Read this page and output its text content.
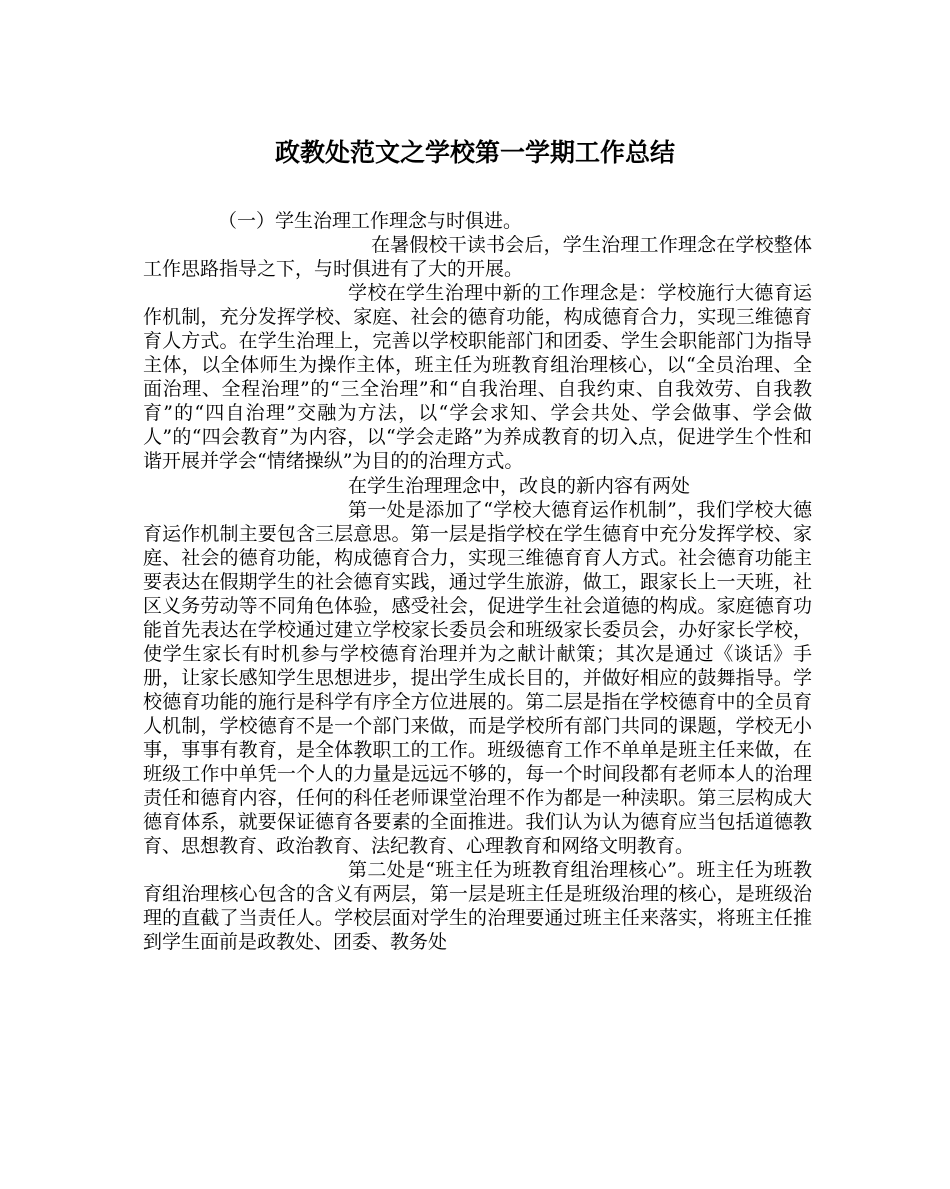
政教处范文之学校第一学期工作总结

（一）学生治理工作理念与时俱进。

在暑假校干读书会后，学生治理工作理念在学校整体工作思路指导之下，与时俱进有了大的开展。

学校在学生治理中新的工作理念是：学校施行大德育运作机制，充分发挥学校、家庭、社会的德育功能，构成德育合力，实现三维德育育人方式。在学生治理上，完善以学校职能部门和团委、学生会职能部门为指导主体，以全体师生为操作主体，班主任为班教育组治理核心，以“全员治理、全面治理、全程治理”的“三全治理”和“自我治理、自我约束、自我效劳、自我教育”的“四自治理”交融为方法，以“学会求知、学会共处、学会做事、学会做人”的“四会教育”为内容，以“学会走路”为养成教育的切入点，促进学生个性和谐开展并学会“情绪操纵”为目的的治理方式。

在学生治理理念中，改良的新内容有两处

第一处是添加了“学校大德育运作机制”，我们学校大德育运作机制主要包含三层意思。第一层是指学校在学生德育中充分发挥学校、家庭、社会的德育功能，构成德育合力，实现三维德育育人方式。社会德育功能主要表达在假期学生的社会德育实践，通过学生旅游，做工，跟家长上一天班，社区义务劳动等不同角色体验，感受社会，促进学生社会道德的构成。家庭德育功能首先表达在学校通过建立学校家长委员会和班级家长委员会，办好家长学校，使学生家长有时机参与学校德育治理并为之献计献策；其次是通过《谈话》手册，让家长感知学生思想进步，提出学生成长目的，并做好相应的鼓舞指导。学校德育功能的施行是科学有序全方位进展的。第二层是指在学校德育中的全员育人机制，学校德育不是一个部门来做，而是学校所有部门共同的课题，学校无小事，事事有教育，是全体教职工的工作。班级德育工作不单单是班主任来做，在班级工作中单凭一个人的力量是远远不够的，每一个时间段都有老师本人的治理责任和德育内容，任何的科任老师课堂治理不作为都是一种渎职。第三层构成大德育体系，就要保证德育各要素的全面推进。我们认为认为德育应当包括道德教育、思想教育、政治教育、法纪教育、心理教育和网络文明教育。

第二处是“班主任为班教育组治理核心”。班主任为班教育组治理核心包含的含义有两层，第一层是班主任是班级治理的核心，是班级治理的直截了当责任人。学校层面对学生的治理要通过班主任来落实，将班主任推到学生面前是政教处、团委、教务处
